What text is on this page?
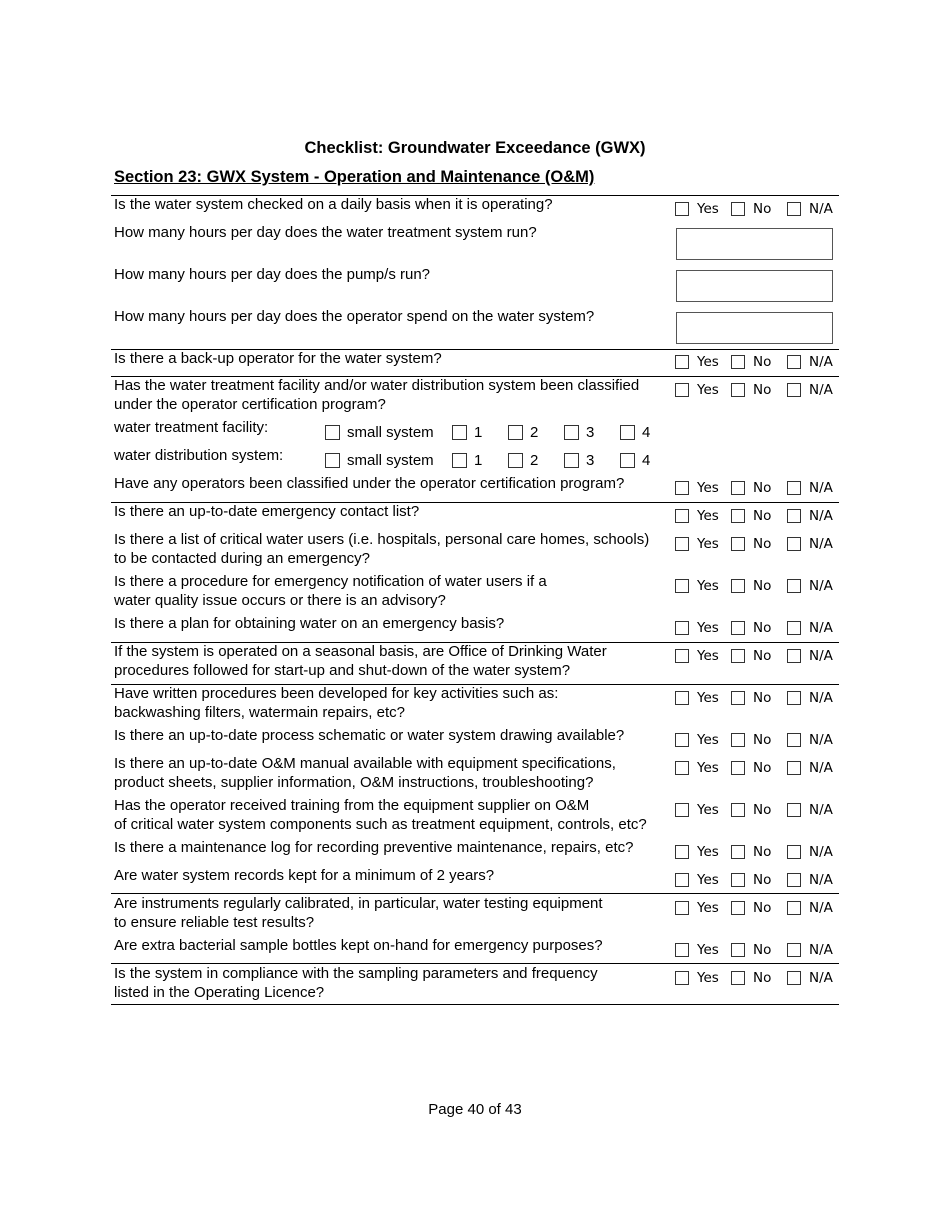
Checklist: Groundwater Exceedance (GWX)
Section 23: GWX System - Operation and Maintenance (O&M)
Is the water system checked on a daily basis when it is operating?	Yes	No	N/A
How many hours per day does the water treatment system run?
How many hours per day does the pump/s run?
How many hours per day does the operator spend on the water system?
Is there a back-up operator for the water system?	Yes	No	N/A
Has the water treatment facility and/or water distribution system been classified
under the operator certification program?
Yes	No	N/A
water treatment facility:	small system	1	2	3	4
water distribution system:	small system	1	2	3	4
Have any operators been classified under the operator certification program?	Yes	No	N/A
Is there an up-to-date emergency contact list?	Yes	No	N/A
Is there a list of critical water users (i.e. hospitals, personal care homes, schools)
to be contacted during an emergency?
Yes	No	N/A
Is there a procedure for emergency notification of water users if a
water quality issue occurs or there is an advisory?
Yes	No	N/A
Is there a plan for obtaining water on an emergency basis?	Yes	No	N/A
If the system is operated on a seasonal basis, are Office of Drinking Water
procedures followed for start-up and shut-down of the water system?
Yes	No	N/A
Have written procedures been developed for key activities such as:
backwashing filters, watermain repairs, etc?
Yes	No	N/A
Is there an up-to-date process schematic or water system drawing available?	Yes	No	N/A
Is there an up-to-date O&M manual available with equipment specifications,
product sheets, supplier information, O&M instructions, troubleshooting?
Yes	No	N/A
Has the operator received training from the equipment supplier on O&M
of critical water system components such as treatment equipment, controls, etc?
Yes	No	N/A
Is there a maintenance log for recording preventive maintenance, repairs, etc?	Yes	No	N/A
Are water system records kept for a minimum of 2 years?	Yes	No	N/A
Are instruments regularly calibrated, in particular, water testing equipment
to ensure reliable test results?
Yes	No	N/A
Are extra bacterial sample bottles kept on-hand for emergency purposes?	Yes	No	N/A
Is the system in compliance with the sampling parameters and frequency
listed in the Operating Licence?
Yes	No	N/A
Page 40 of 43
